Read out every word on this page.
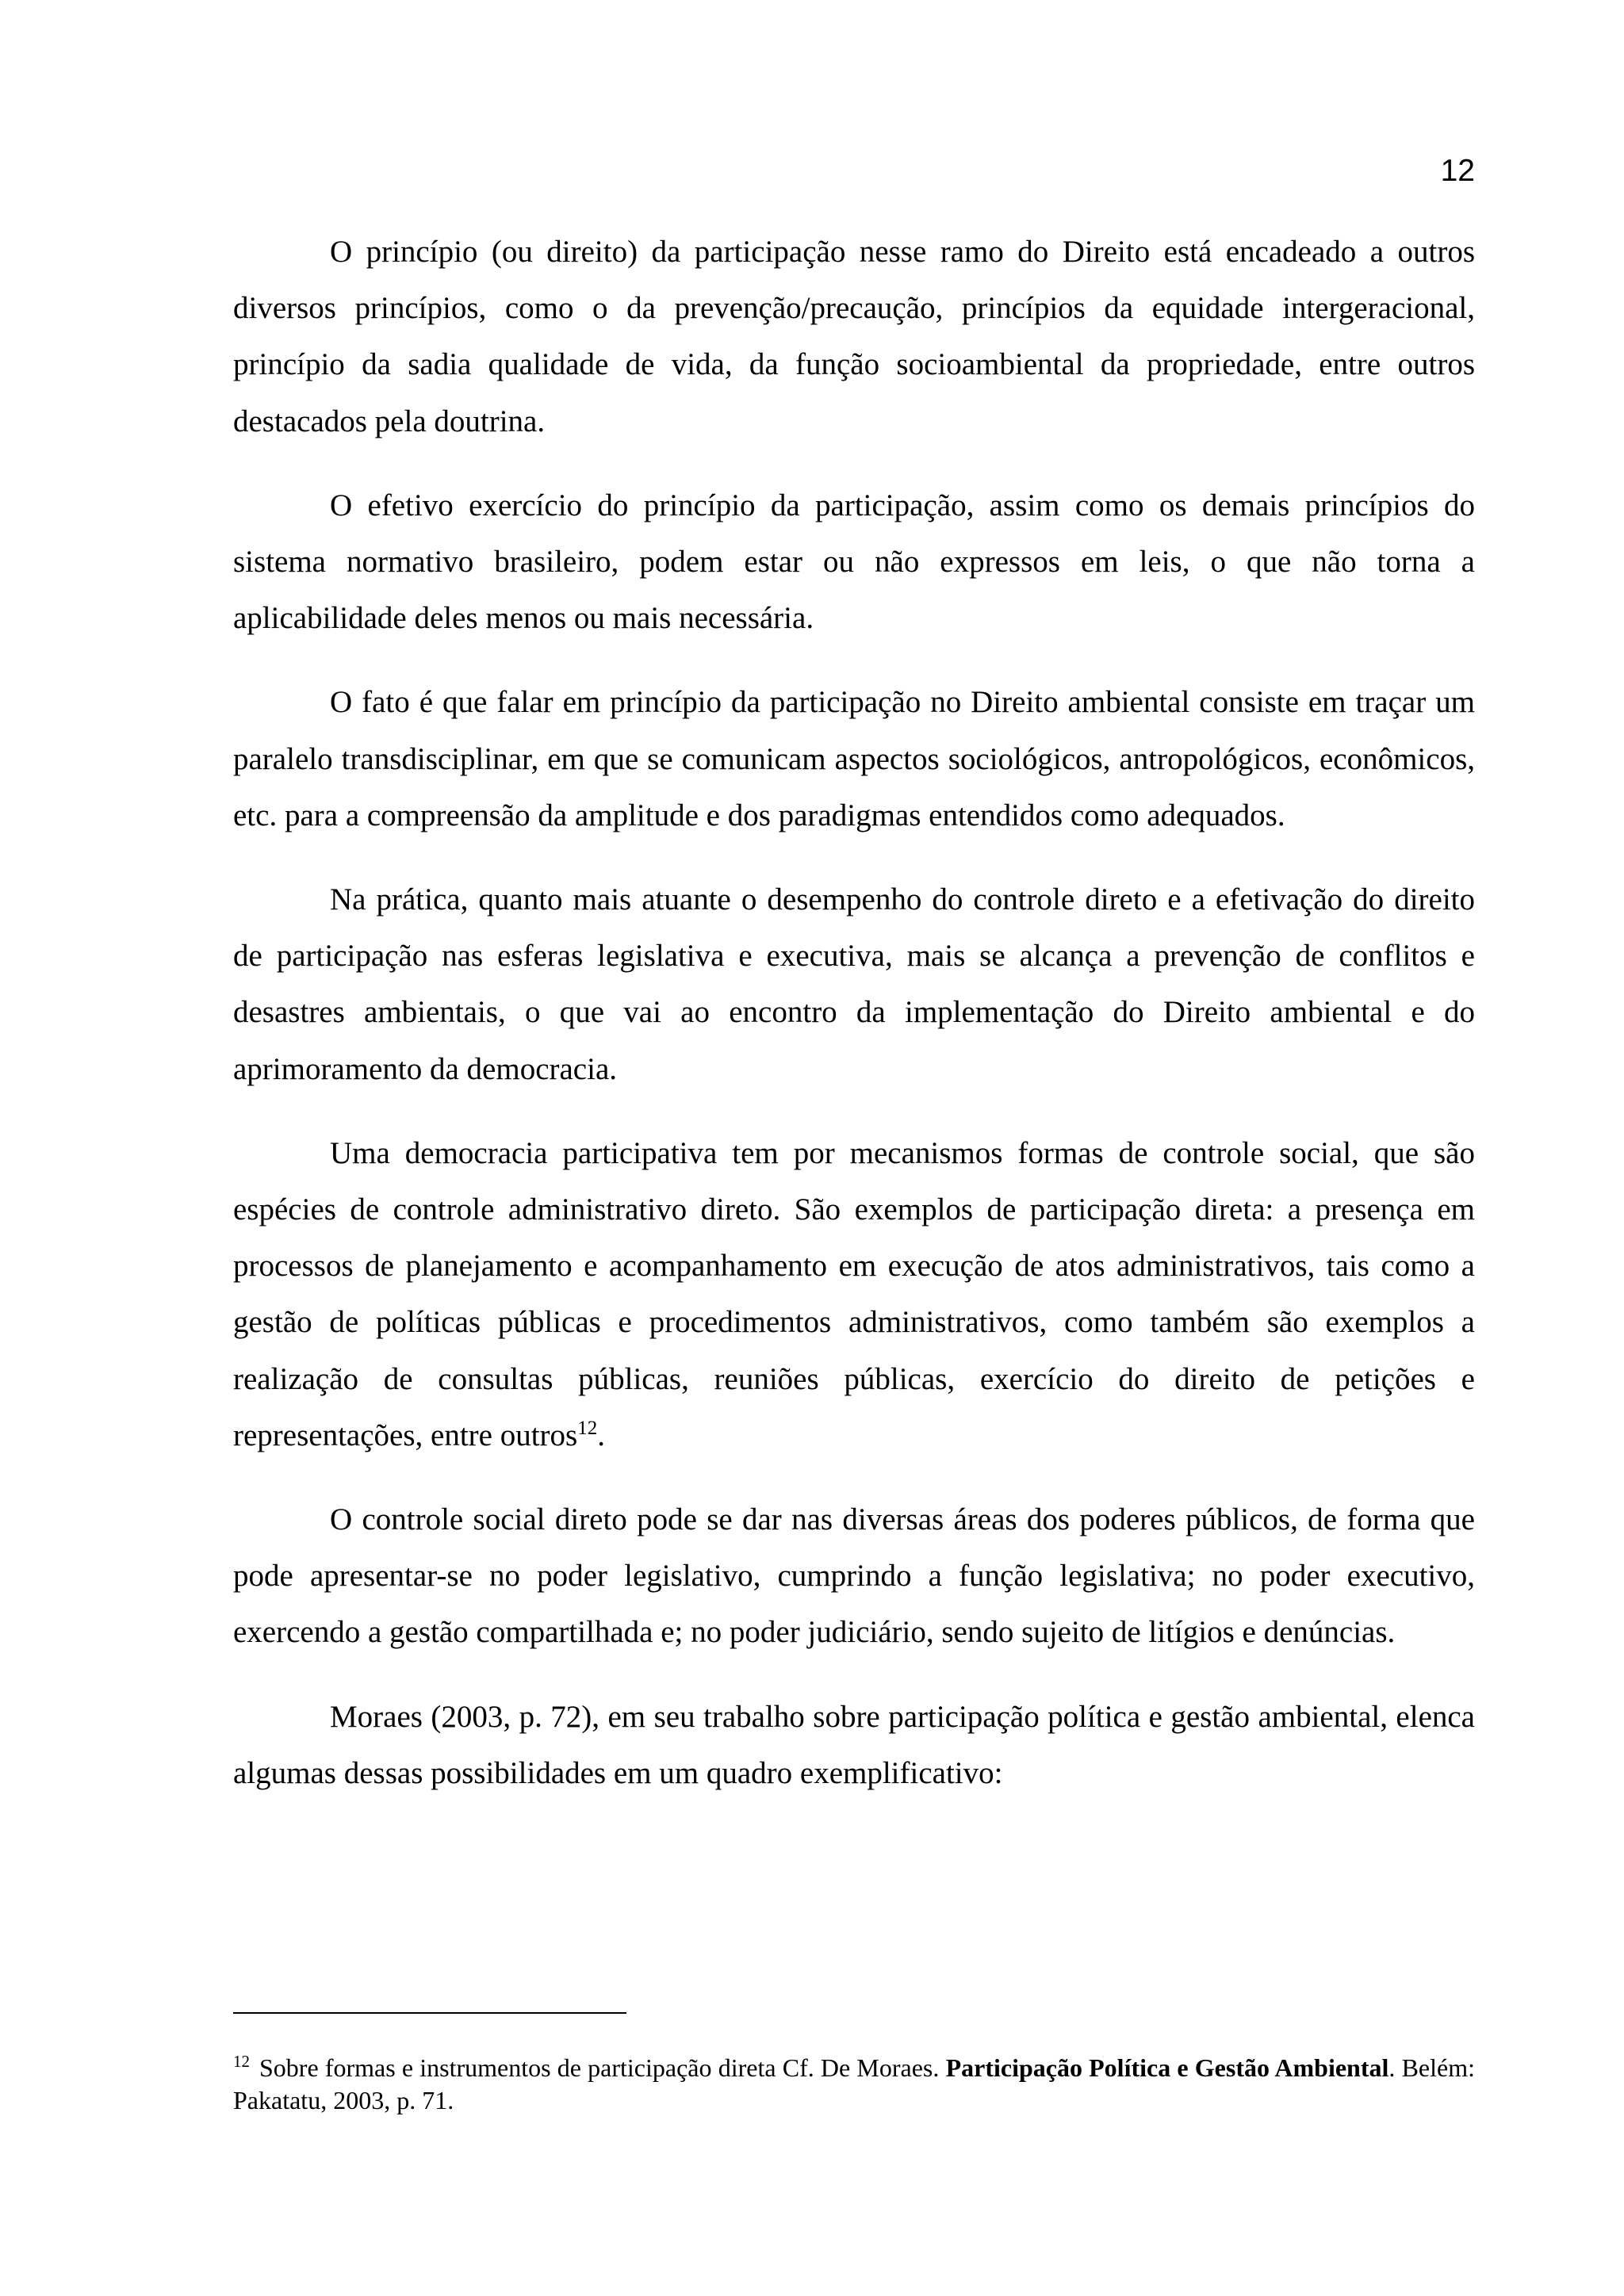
12

O princípio (ou direito) da participação nesse ramo do Direito está encadeado a outros diversos princípios, como o da prevenção/precaução, princípios da equidade intergeracional, princípio da sadia qualidade de vida, da função socioambiental da propriedade, entre outros destacados pela doutrina.

O efetivo exercício do princípio da participação, assim como os demais princípios do sistema normativo brasileiro, podem estar ou não expressos em leis, o que não torna a aplicabilidade deles menos ou mais necessária.

O fato é que falar em princípio da participação no Direito ambiental consiste em traçar um paralelo transdisciplinar, em que se comunicam aspectos sociológicos, antropológicos, econômicos, etc. para a compreensão da amplitude e dos paradigmas entendidos como adequados.

Na prática, quanto mais atuante o desempenho do controle direto e a efetivação do direito de participação nas esferas legislativa e executiva, mais se alcança a prevenção de conflitos e desastres ambientais, o que vai ao encontro da implementação do Direito ambiental e do aprimoramento da democracia.

Uma democracia participativa tem por mecanismos formas de controle social, que são espécies de controle administrativo direto. São exemplos de participação direta: a presença em processos de planejamento e acompanhamento em execução de atos administrativos, tais como a gestão de políticas públicas e procedimentos administrativos, como também são exemplos a realização de consultas públicas, reuniões públicas, exercício do direito de petições e representações, entre outros$^{12}$.

O controle social direto pode se dar nas diversas áreas dos poderes públicos, de forma que pode apresentar-se no poder legislativo, cumprindo a função legislativa; no poder executivo, exercendo a gestão compartilhada e; no poder judiciário, sendo sujeito de litígios e denúncias.

Moraes (2003, p. 72), em seu trabalho sobre participação política e gestão ambiental, elenca algumas dessas possibilidades em um quadro exemplificativo:

$^{12}$ Sobre formas e instrumentos de participação direta Cf. De Moraes. Participação Política e Gestão Ambiental. Belém: Pakatatu, 2003, p. 71.
